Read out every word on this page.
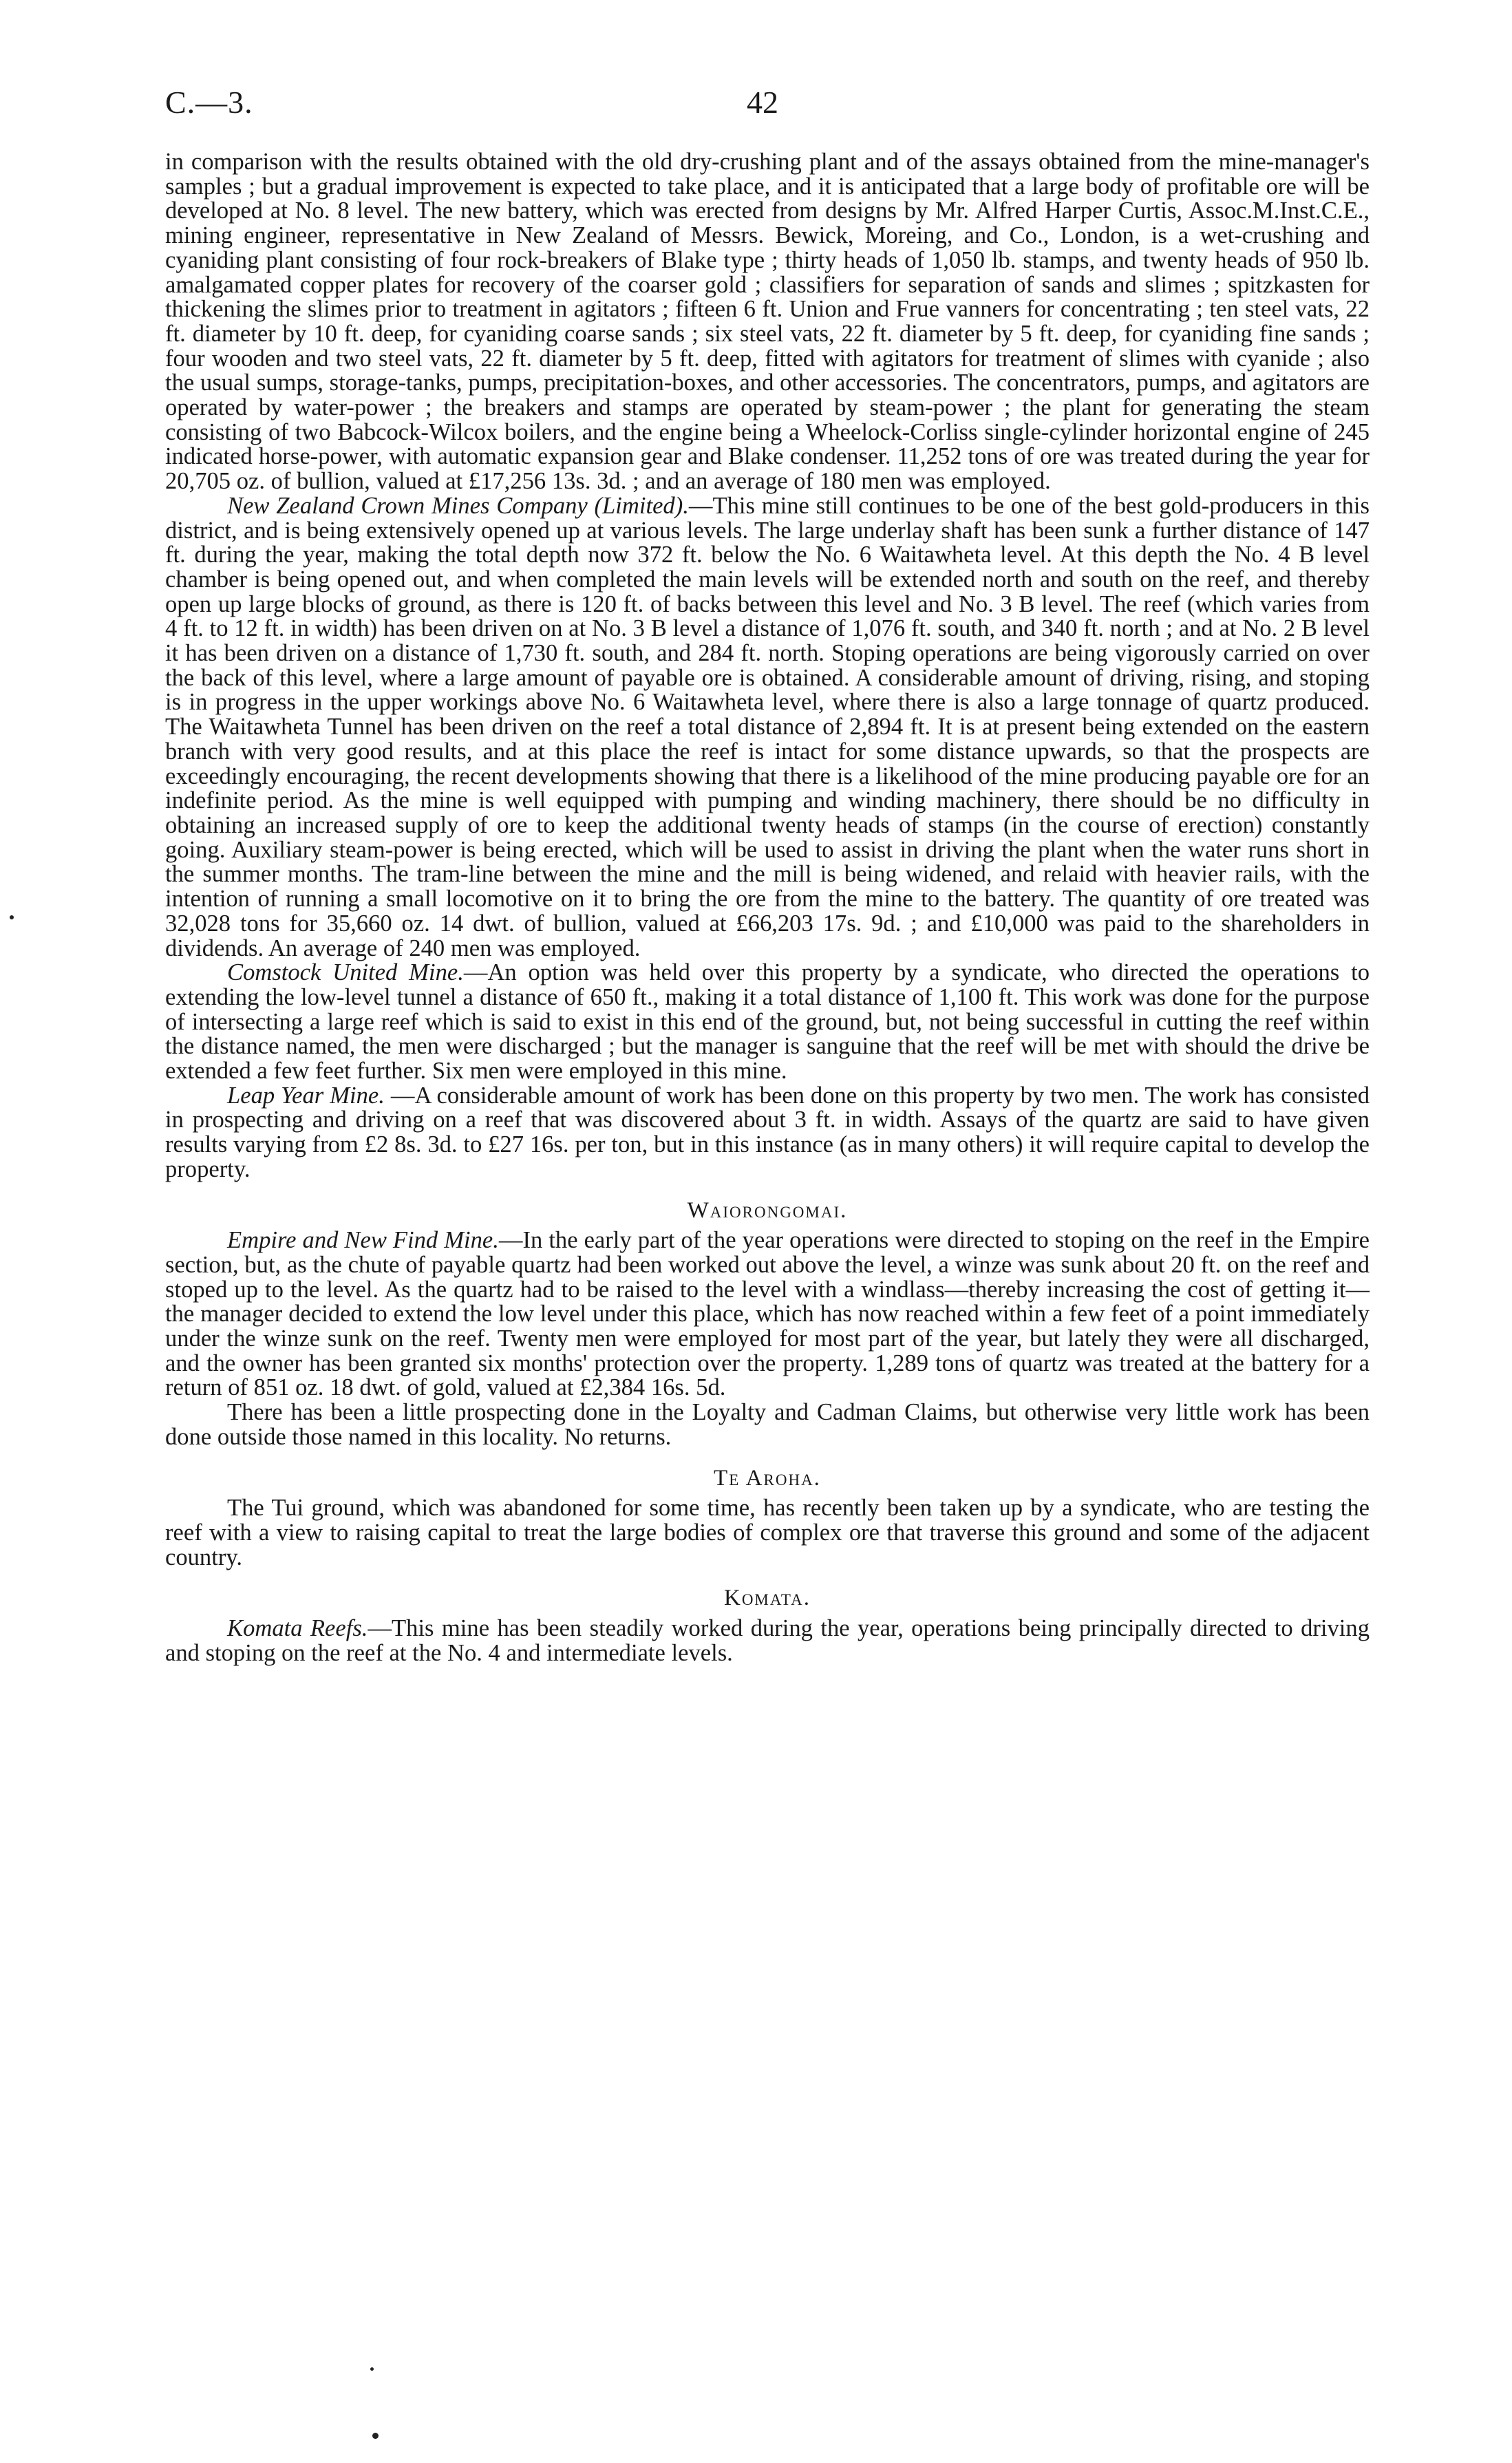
C.—3.	42

in comparison with the results obtained with the old dry-crushing plant and of the assays obtained from the mine-manager's samples ; but a gradual improvement is expected to take place, and it is anticipated that a large body of profitable ore will be developed at No. 8 level. The new battery, which was erected from designs by Mr. Alfred Harper Curtis, Assoc.M.Inst.C.E., mining engineer, representative in New Zealand of Messrs. Bewick, Moreing, and Co., London, is a wet-crushing and cyaniding plant consisting of four rock-breakers of Blake type ; thirty heads of 1,050 lb. stamps, and twenty heads of 950 lb. amalgamated copper plates for recovery of the coarser gold ; classifiers for separation of sands and slimes ; spitzkasten for thickening the slimes prior to treatment in agitators ; fifteen 6 ft. Union and Frue vanners for concentrating ; ten steel vats, 22 ft. diameter by 10 ft. deep, for cyaniding coarse sands ; six steel vats, 22 ft. diameter by 5 ft. deep, for cyaniding fine sands ; four wooden and two steel vats, 22 ft. diameter by 5 ft. deep, fitted with agitators for treatment of slimes with cyanide ; also the usual sumps, storage-tanks, pumps, precipitation-boxes, and other accessories. The concentrators, pumps, and agitators are operated by water-power ; the breakers and stamps are operated by steam-power ; the plant for generating the steam consisting of two Babcock-Wilcox boilers, and the engine being a Wheelock-Corliss single-cylinder horizontal engine of 245 indicated horse-power, with automatic expansion gear and Blake condenser. 11,252 tons of ore was treated during the year for 20,705 oz. of bullion, valued at £17,256 13s. 3d. ; and an average of 180 men was employed.

New Zealand Crown Mines Company (Limited).—This mine still continues to be one of the best gold-producers in this district, and is being extensively opened up at various levels. The large underlay shaft has been sunk a further distance of 147 ft. during the year, making the total depth now 372 ft. below the No. 6 Waitawheta level. At this depth the No. 4 B level chamber is being opened out, and when completed the main levels will be extended north and south on the reef, and thereby open up large blocks of ground, as there is 120 ft. of backs between this level and No. 3 B level. The reef (which varies from 4 ft. to 12 ft. in width) has been driven on at No. 3 B level a distance of 1,076 ft. south, and 340 ft. north ; and at No. 2 B level it has been driven on a distance of 1,730 ft. south, and 284 ft. north. Stoping operations are being vigorously carried on over the back of this level, where a large amount of payable ore is obtained. A considerable amount of driving, rising, and stoping is in progress in the upper workings above No. 6 Waitawheta level, where there is also a large tonnage of quartz produced. The Waitawheta Tunnel has been driven on the reef a total distance of 2,894 ft. It is at present being extended on the eastern branch with very good results, and at this place the reef is intact for some distance upwards, so that the prospects are exceedingly encouraging, the recent developments showing that there is a likelihood of the mine producing payable ore for an indefinite period. As the mine is well equipped with pumping and winding machinery, there should be no difficulty in obtaining an increased supply of ore to keep the additional twenty heads of stamps (in the course of erection) constantly going. Auxiliary steam-power is being erected, which will be used to assist in driving the plant when the water runs short in the summer months. The tram-line between the mine and the mill is being widened, and relaid with heavier rails, with the intention of running a small locomotive on it to bring the ore from the mine to the battery. The quantity of ore treated was 32,028 tons for 35,660 oz. 14 dwt. of bullion, valued at £66,203 17s. 9d. ; and £10,000 was paid to the shareholders in dividends. An average of 240 men was employed.

Comstock United Mine.—An option was held over this property by a syndicate, who directed the operations to extending the low-level tunnel a distance of 650 ft., making it a total distance of 1,100 ft. This work was done for the purpose of intersecting a large reef which is said to exist in this end of the ground, but, not being successful in cutting the reef within the distance named, the men were discharged ; but the manager is sanguine that the reef will be met with should the drive be extended a few feet further. Six men were employed in this mine.

Leap Year Mine. —A considerable amount of work has been done on this property by two men. The work has consisted in prospecting and driving on a reef that was discovered about 3 ft. in width. Assays of the quartz are said to have given results varying from £2 8s. 3d. to £27 16s. per ton, but in this instance (as in many others) it will require capital to develop the property.

Waiorongomai.

Empire and New Find Mine.—In the early part of the year operations were directed to stoping on the reef in the Empire section, but, as the chute of payable quartz had been worked out above the level, a winze was sunk about 20 ft. on the reef and stoped up to the level. As the quartz had to be raised to the level with a windlass—thereby increasing the cost of getting it—the manager decided to extend the low level under this place, which has now reached within a few feet of a point immediately under the winze sunk on the reef. Twenty men were employed for most part of the year, but lately they were all discharged, and the owner has been granted six months' protection over the property. 1,289 tons of quartz was treated at the battery for a return of 851 oz. 18 dwt. of gold, valued at £2,384 16s. 5d.

There has been a little prospecting done in the Loyalty and Cadman Claims, but otherwise very little work has been done outside those named in this locality. No returns.

Te Aroha.

The Tui ground, which was abandoned for some time, has recently been taken up by a syndicate, who are testing the reef with a view to raising capital to treat the large bodies of complex ore that traverse this ground and some of the adjacent country.

Komata.

Komata Reefs.—This mine has been steadily worked during the year, operations being principally directed to driving and stoping on the reef at the No. 4 and intermediate levels.
